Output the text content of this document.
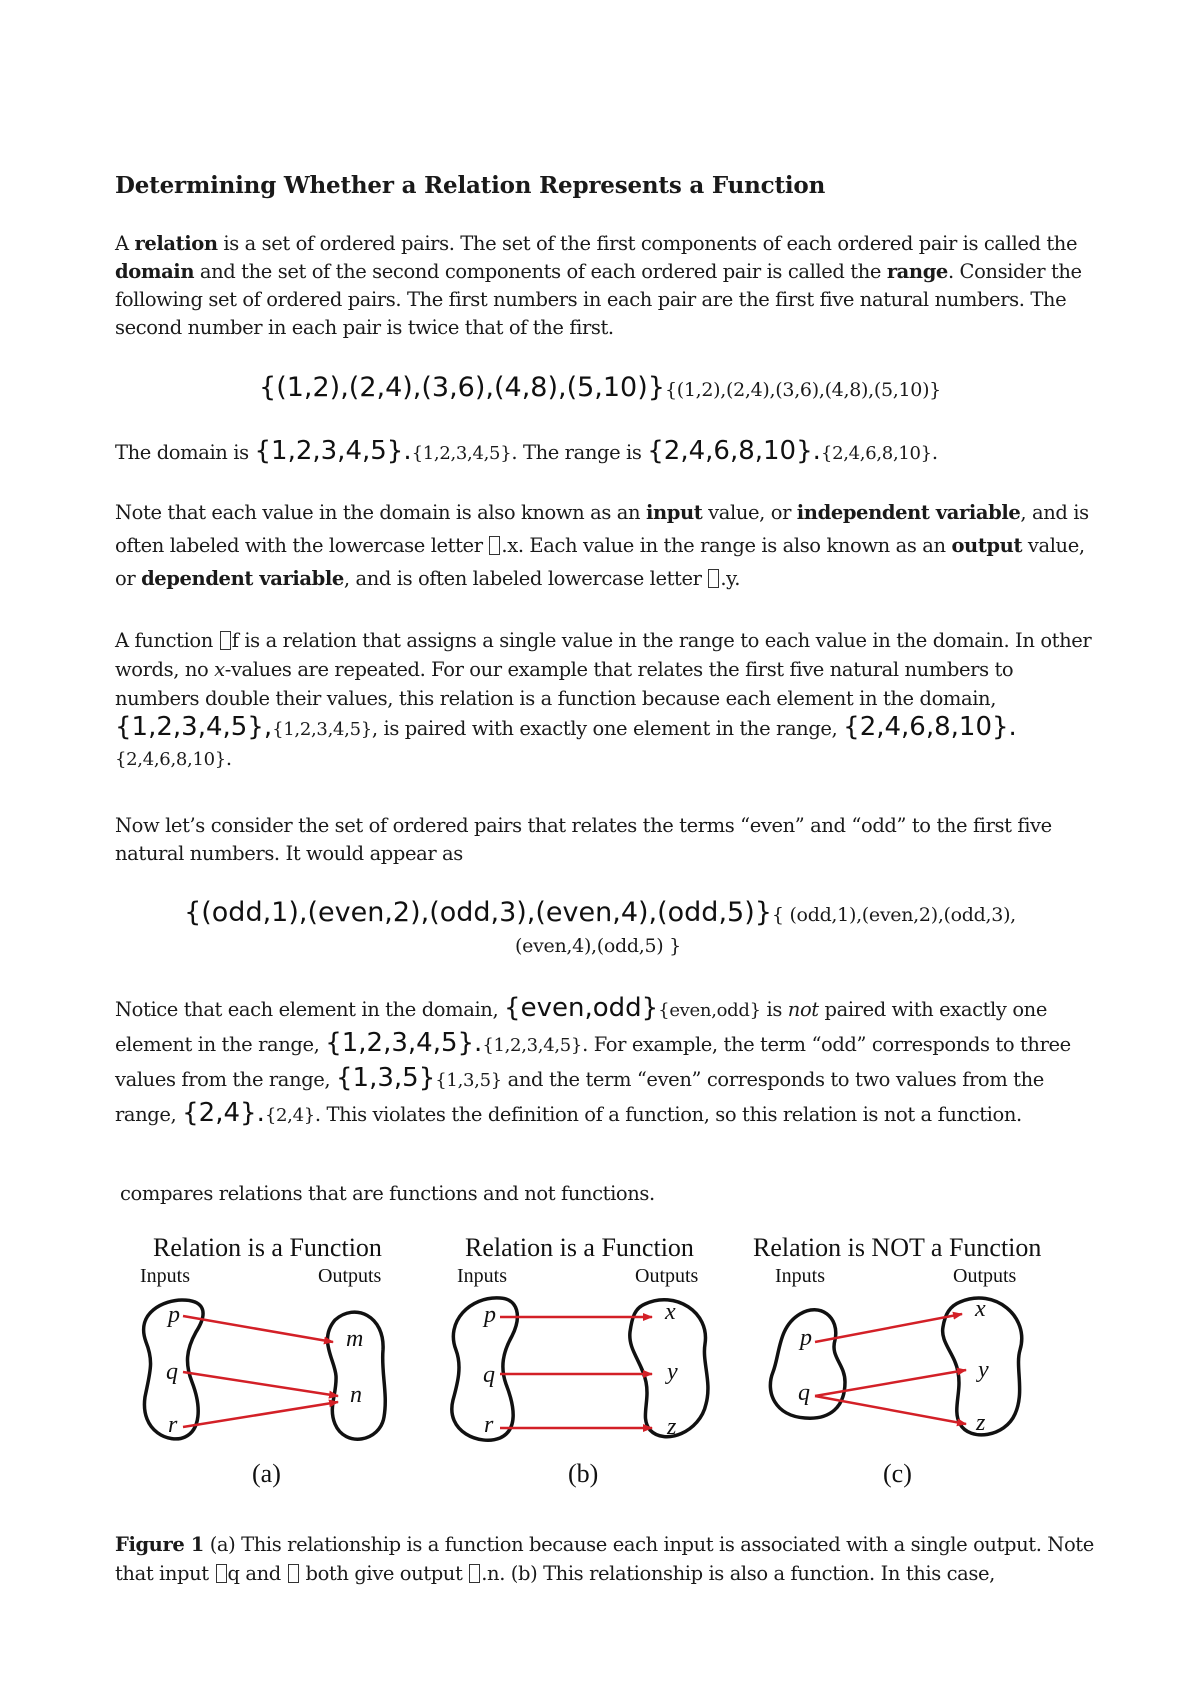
Determining Whether a Relation Represents a Function
A relation is a set of ordered pairs. The set of the first components of each ordered pair is called the domain and the set of the second components of each ordered pair is called the range. Consider the following set of ordered pairs. The first numbers in each pair are the first five natural numbers. The second number in each pair is twice that of the first.
{(1,2),(2,4),(3,6),(4,8),(5,10)}{(1,2),(2,4),(3,6),(4,8),(5,10)}
The domain is {1,2,3,4,5}.{1,2,3,4,5}. The range is {2,4,6,8,10}.{2,4,6,8,10}.
Note that each value in the domain is also known as an input value, or independent variable, and is often labeled with the lowercase letter .x. Each value in the range is also known as an output value, or dependent variable, and is often labeled lowercase letter .y.
A function f is a relation that assigns a single value in the range to each value in the domain. In other words, no x-values are repeated. For our example that relates the first five natural numbers to numbers double their values, this relation is a function because each element in the domain, {1,2,3,4,5},{1,2,3,4,5}, is paired with exactly one element in the range, {2,4,6,8,10}.{2,4,6,8,10}.
Now let’s consider the set of ordered pairs that relates the terms “even” and “odd” to the first five natural numbers. It would appear as
{(odd,1),(even,2),(odd,3),(even,4),(odd,5)}{ (odd,1),(even,2),(odd,3),
(even,4),(odd,5) }
Notice that each element in the domain, {even,odd}{even,odd} is not paired with exactly one element in the range, {1,2,3,4,5}.{1,2,3,4,5}. For example, the term “odd” corresponds to three values from the range, {1,3,5}{1,3,5} and the term “even” corresponds to two values from the range, {2,4}.{2,4}. This violates the definition of a function, so this relation is not a function.
compares relations that are functions and not functions.
Relation is a Function
Inputs	Outputs
p
q
r
m
n
(a)
Relation is a Function
Inputs	Outputs
p
q
r
x
y
z
(b)
Relation is NOT a Function
Inputs	Outputs
p
q
x
y
z
(c)
Figure 1 (a) This relationship is a function because each input is associated with a single output. Note that input q and  both give output .n. (b) This relationship is also a function. In this case,
